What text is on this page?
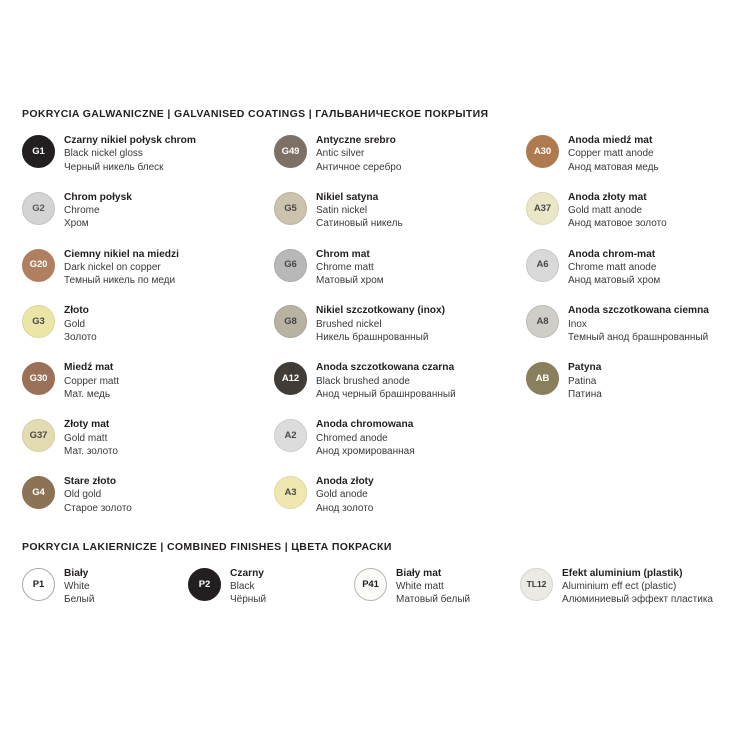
POKRYCIA GALWANICZNE | GALVANISED COATINGS | ГАЛЬВАНИЧЕСКОЕ ПОКРЫТИЯ
G1
Czarny nikiel połysk chrom
Black nickel gloss
Черный никель блеск
G49
Antyczne srebro
Antic silver
Античное серебро
A30
Anoda miedź mat
Copper matt anode
Анод матовая медь
G2
Chrom połysk
Chrome
Хром
G5
Nikiel satyna
Satin nickel
Сатиновый никель
A37
Anoda złoty mat
Gold matt anode
Анод матовое золото
G20
Ciemny nikiel na miedzi
Dark nickel on copper
Темный никель по меди
G6
Chrom mat
Chrome matt
Матовый хром
A6
Anoda chrom-mat
Chrome matt anode
Анод матовый хром
G3
Złoto
Gold
Золото
G8
Nikiel szczotkowany (inox)
Brushed nickel
Никель брашнрованный
A8
Anoda szczotkowana ciemna
Inox
Темный анод брашнрованный
G30
Miedź mat
Copper matt
Мат. медь
A12
Anoda szczotkowana czarna
Black brushed anode
Анод черный брашнрованный
AB
Patyna
Patina
Патина
G37
Złoty mat
Gold matt
Мат. золото
A2
Anoda chromowana
Chromed anode
Анод хромированная
G4
Stare złoto
Old gold
Старое золото
A3
Anoda złoty
Gold anode
Анод золото
POKRYCIA LAKIERNICZE | COMBINED FINISHES | ЦВЕТА ПОКРАСКИ
P1
Biały
White
Белый
P2
Czarny
Black
Чёрный
P41
Biały mat
White matt
Матовый белый
TL12
Efekt aluminium (plastik)
Aluminium eff ect (plastic)
Алюминиевый эффект пластика
